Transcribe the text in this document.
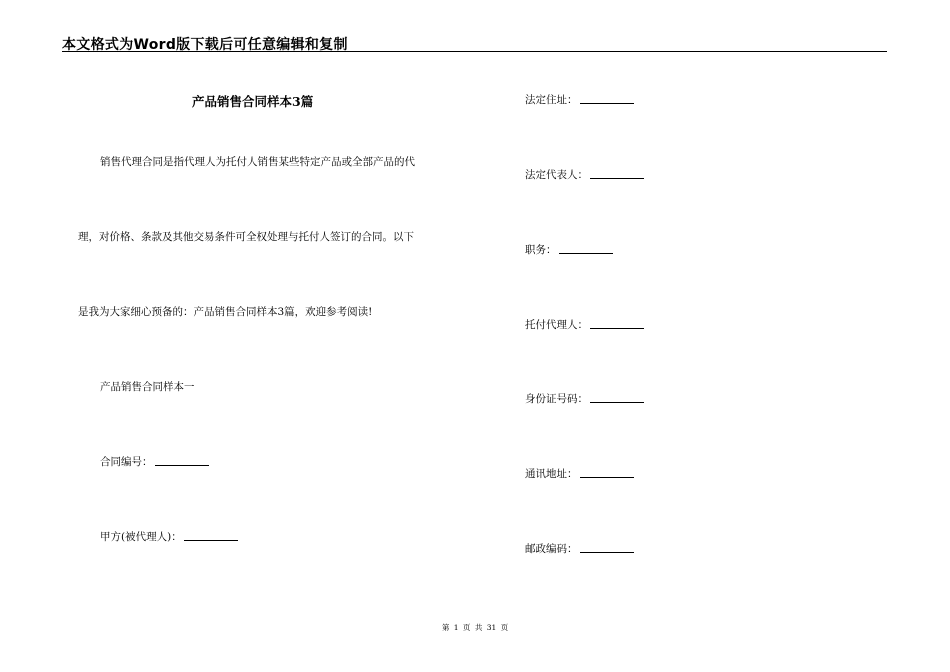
本文格式为Word版下载后可任意编辑和复制
产品销售合同样本3篇
销售代理合同是指代理人为托付人销售某些特定产品或全部产品的代
理，对价格、条款及其他交易条件可全权处理与托付人签订的合同。以下
是我为大家细心预备的：产品销售合同样本3篇，欢迎参考阅读!
产品销售合同样本一
合同编号：
甲方(被代理人)：
法定住址：
法定代表人：
职务：
托付代理人：
身份证号码：
通讯地址：
邮政编码：
第 1 页 共 31 页
